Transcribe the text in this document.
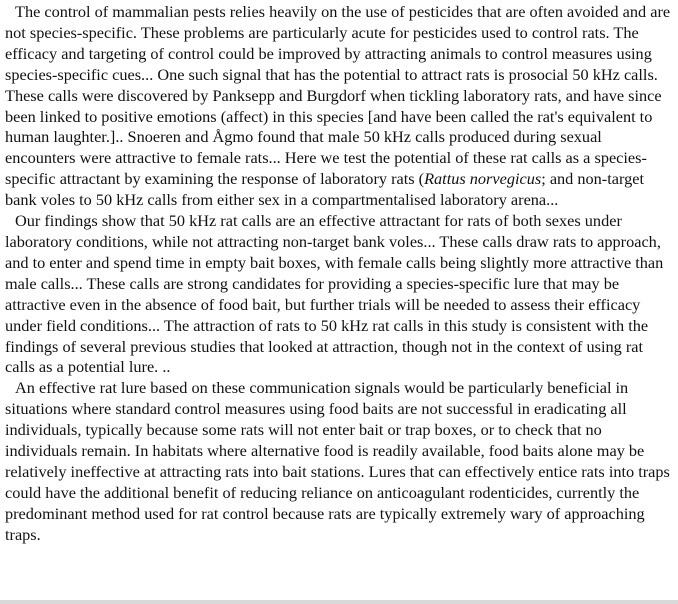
The control of mammalian pests relies heavily on the use of pesticides that are often avoided and are not species-specific. These problems are particularly acute for pesticides used to control rats. The efficacy and targeting of control could be improved by attracting animals to control measures using species-specific cues... One such signal that has the potential to attract rats is prosocial 50 kHz calls. These calls were discovered by Panksepp and Burgdorf when tickling laboratory rats, and have since been linked to positive emotions (affect) in this species [and have been called the rat's equivalent to human laughter.].. Snoeren and Ågmo found that male 50 kHz calls produced during sexual encounters were attractive to female rats... Here we test the potential of these rat calls as a species-specific attractant by examining the response of laboratory rats (Rattus norvegicus; and non-target bank voles to 50 kHz calls from either sex in a compartmentalised laboratory arena...

Our findings show that 50 kHz rat calls are an effective attractant for rats of both sexes under laboratory conditions, while not attracting non-target bank voles... These calls draw rats to approach, and to enter and spend time in empty bait boxes, with female calls being slightly more attractive than male calls... These calls are strong candidates for providing a species-specific lure that may be attractive even in the absence of food bait, but further trials will be needed to assess their efficacy under field conditions... The attraction of rats to 50 kHz rat calls in this study is consistent with the findings of several previous studies that looked at attraction, though not in the context of using rat calls as a potential lure. ..

An effective rat lure based on these communication signals would be particularly beneficial in situations where standard control measures using food baits are not successful in eradicating all individuals, typically because some rats will not enter bait or trap boxes, or to check that no individuals remain. In habitats where alternative food is readily available, food baits alone may be relatively ineffective at attracting rats into bait stations. Lures that can effectively entice rats into traps could have the additional benefit of reducing reliance on anticoagulant rodenticides, currently the predominant method used for rat control because rats are typically extremely wary of approaching traps.
